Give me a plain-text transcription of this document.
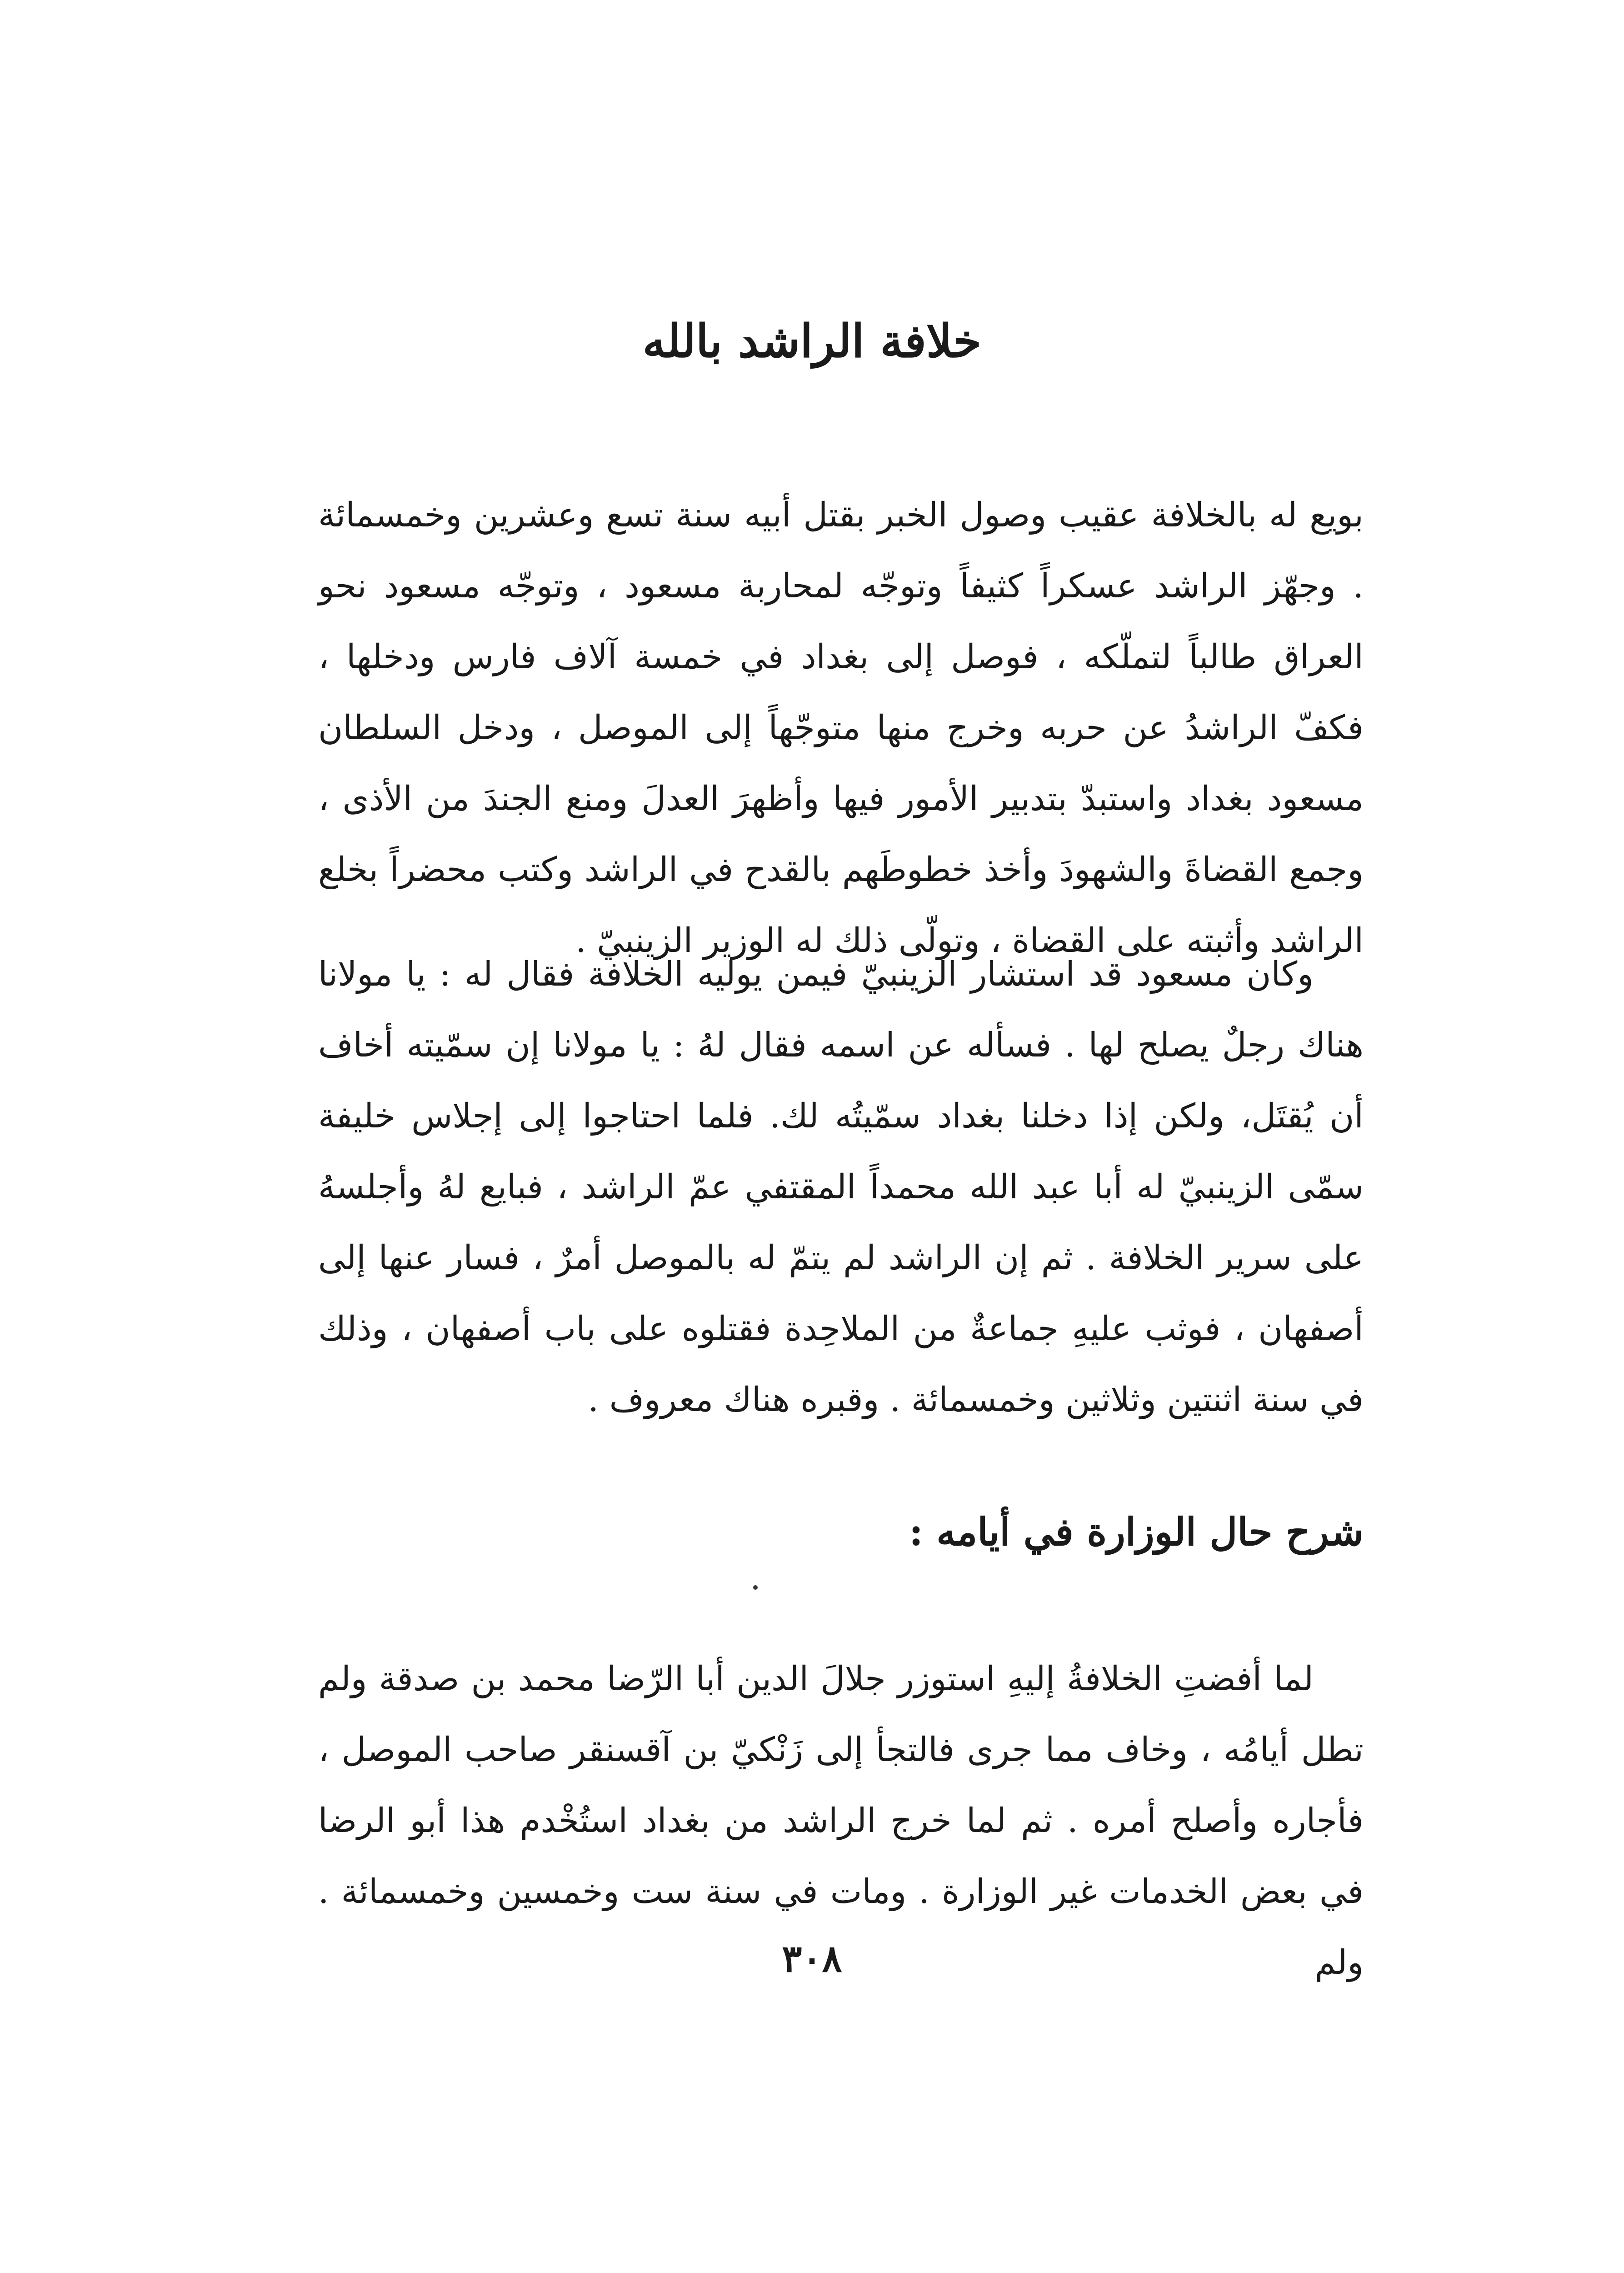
خلافة الراشد بالله

بويع له بالخلافة عقيب وصول الخبر بقتل أبيه سنة تسع وعشرين وخمسمائة . وجهّز الراشد عسكراً كثيفاً وتوجّه لمحاربة مسعود ، وتوجّه مسعود نحو العراق طالباً لتملّكه ، فوصل إلى بغداد في خمسة آلاف فارس ودخلها ، فكفّ الراشدُ عن حربه وخرج منها متوجّهاً إلى الموصل ، ودخل السلطان مسعود بغداد واستبدّ بتدبير الأمور فيها وأظهرَ العدلَ ومنع الجندَ من الأذى ، وجمع القضاةَ والشهودَ وأخذ خطوطَهم بالقدح في الراشد وكتب محضراً بخلع الراشد وأثبته على القضاة ، وتولّى ذلك له الوزير الزينبيّ .

وكان مسعود قد استشار الزينبيّ فيمن يوليه الخلافة فقال له : يا مولانا هناك رجلٌ يصلح لها . فسأله عن اسمه فقال لهُ : يا مولانا إن سمّيته أخاف أن يُقتَل، ولكن إذا دخلنا بغداد سمّيتُه لك. فلما احتاجوا إلى إجلاس خليفة سمّى الزينبيّ له أبا عبد الله محمداً المقتفي عمّ الراشد ، فبايع لهُ وأجلسهُ على سرير الخلافة . ثم إن الراشد لم يتمّ له بالموصل أمرٌ ، فسار عنها إلى أصفهان ، فوثب عليهِ جماعةٌ من الملاحِدة فقتلوه على باب أصفهان ، وذلك في سنة اثنتين وثلاثين وخمسمائة . وقبره هناك معروف .

شرح حال الوزارة في أيامه :

لما أفضتِ الخلافةُ إليهِ استوزر جلالَ الدين أبا الرّضا محمد بن صدقة ولم تطل أيامُه ، وخاف مما جرى فالتجأ إلى زَنْكيّ بن آقسنقر صاحب الموصل ، فأجاره وأصلح أمره . ثم لما خرج الراشد من بغداد استُخْدم هذا أبو الرضا في بعض الخدمات غير الوزارة . ومات في سنة ست وخمسين وخمسمائة . ولم

٣٠٨
